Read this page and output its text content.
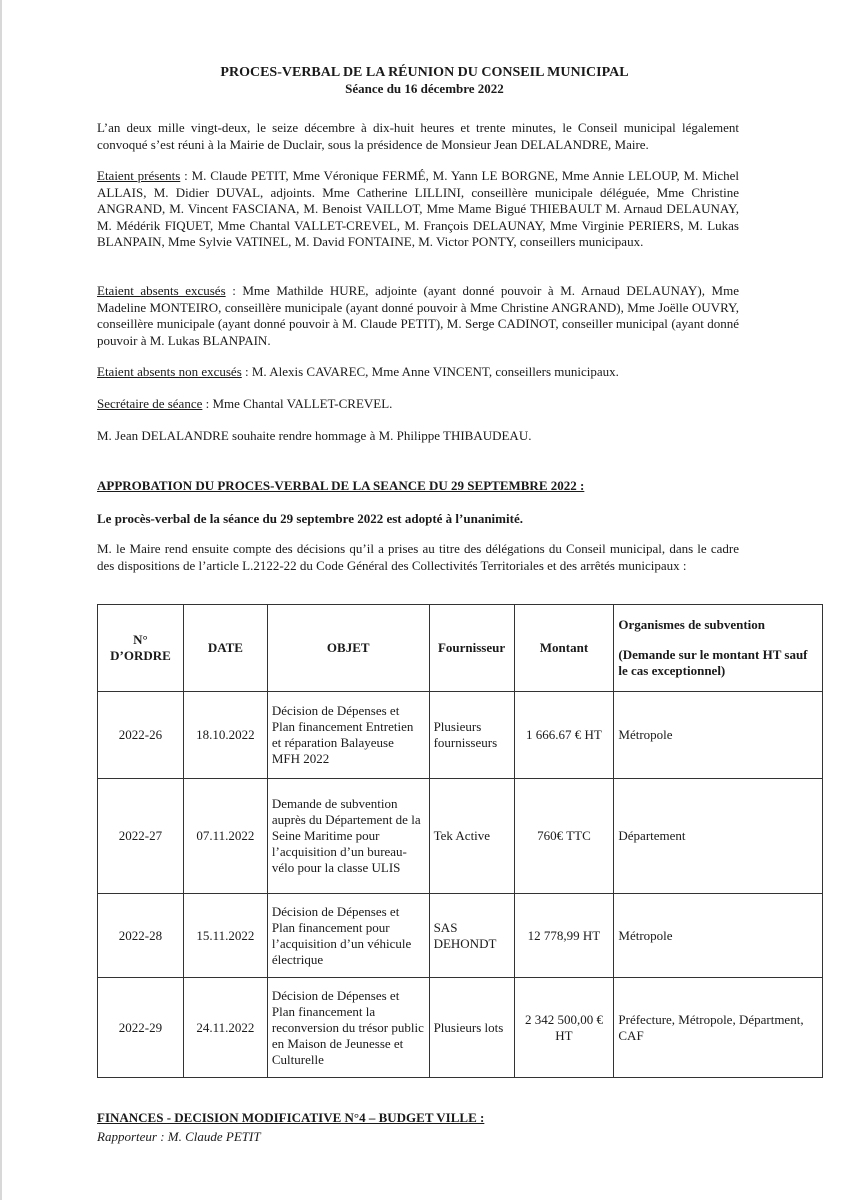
PROCES-VERBAL DE LA RÉUNION DU CONSEIL MUNICIPAL
Séance du 16 décembre 2022
L’an deux mille vingt-deux, le seize décembre à dix-huit heures et trente minutes, le Conseil municipal légalement convoqué s’est réuni à la Mairie de Duclair, sous la présidence de Monsieur Jean DELALANDRE, Maire.
Etaient présents : M. Claude PETIT, Mme Véronique FERMÉ, M. Yann LE BORGNE, Mme Annie LELOUP, M. Michel ALLAIS, M. Didier DUVAL, adjoints. Mme Catherine LILLINI, conseillère municipale déléguée, Mme Christine ANGRAND, M. Vincent FASCIANA, M. Benoist VAILLOT, Mme Mame Bigué THIEBAULT M. Arnaud DELAUNAY, M. Médérik FIQUET, Mme Chantal VALLET-CREVEL, M. François DELAUNAY, Mme Virginie PERIERS, M. Lukas BLANPAIN, Mme Sylvie VATINEL, M. David FONTAINE, M. Victor PONTY, conseillers municipaux.
Etaient absents excusés : Mme Mathilde HURE, adjointe (ayant donné pouvoir à M. Arnaud DELAUNAY), Mme Madeline MONTEIRO, conseillère municipale (ayant donné pouvoir à Mme Christine ANGRAND), Mme Joëlle OUVRY, conseillère municipale (ayant donné pouvoir à M. Claude PETIT), M. Serge CADINOT, conseiller municipal (ayant donné pouvoir à M. Lukas BLANPAIN.
Etaient absents non excusés : M. Alexis CAVAREC, Mme Anne VINCENT, conseillers municipaux.
Secrétaire de séance : Mme Chantal VALLET-CREVEL.
M. Jean DELALANDRE souhaite rendre hommage à M. Philippe THIBAUDEAU.
APPROBATION DU PROCES-VERBAL DE LA SEANCE DU 29 SEPTEMBRE 2022 :
Le procès-verbal de la séance du 29 septembre 2022 est adopté à l’unanimité.
M. le Maire rend ensuite compte des décisions qu’il a prises au titre des délégations du Conseil municipal, dans le cadre des dispositions de l’article L.2122-22 du Code Général des Collectivités Territoriales et des arrêtés municipaux :
N° D’ORDRE	DATE	OBJET	Fournisseur	Montant	Organismes de subvention
(Demande sur le montant HT sauf le cas exceptionnel)

2022-26	18.10.2022	Décision de Dépenses et Plan financement Entretien et réparation Balayeuse MFH 2022	Plusieurs fournisseurs	1 666.67 € HT	Métropole
2022-27	07.11.2022	Demande de subvention auprès du Département de la Seine Maritime pour l’acquisition d’un bureau-vélo pour la classe ULIS	Tek Active	760€ TTC	Département
2022-28	15.11.2022	Décision de Dépenses et Plan financement pour l’acquisition d’un véhicule électrique	SAS DEHONDT	12 778,99 HT	Métropole
2022-29	24.11.2022	Décision de Dépenses et Plan financement la reconversion du trésor public en Maison de Jeunesse et Culturelle	Plusieurs lots	2 342 500,00 € HT	Préfecture, Métropole, Départment, CAF
FINANCES - DECISION MODIFICATIVE N°4 – BUDGET VILLE :
Rapporteur : M. Claude PETIT
